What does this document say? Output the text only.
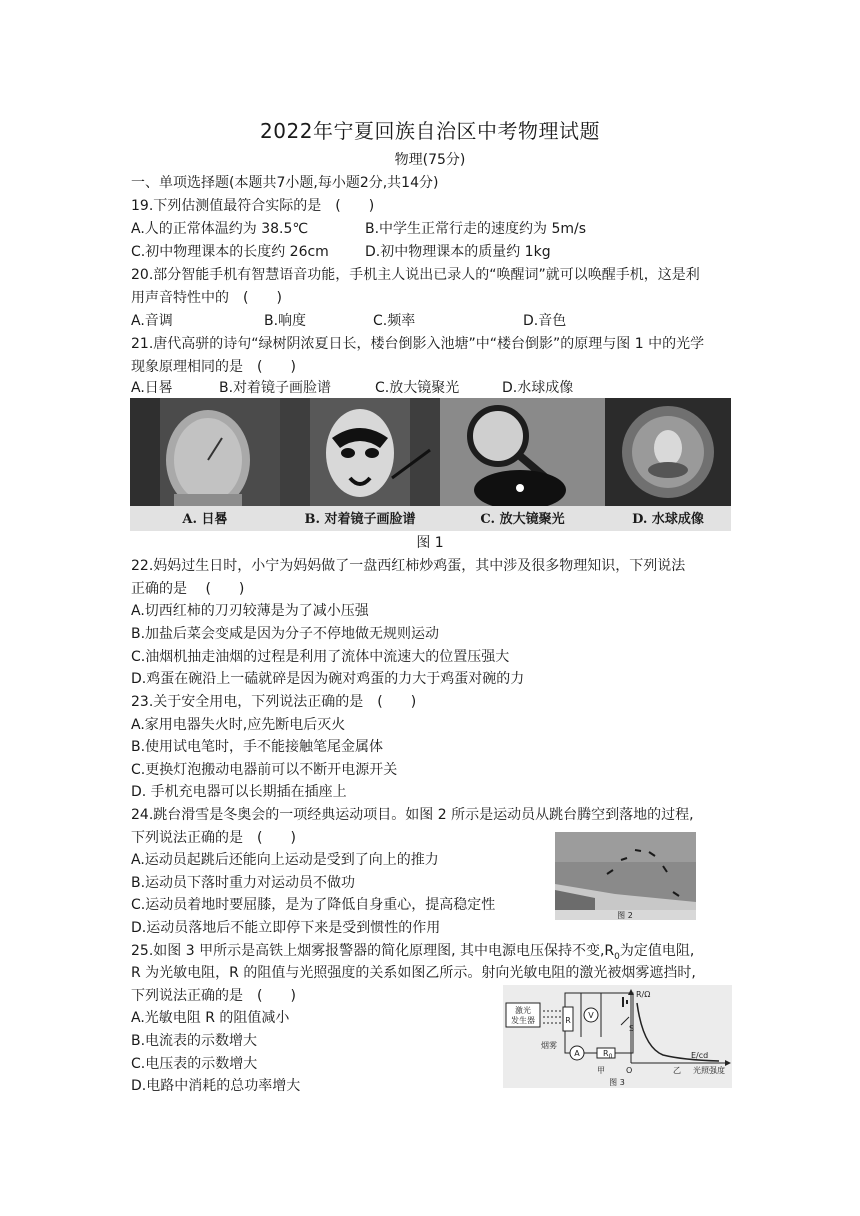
2022年宁夏回族自治区中考物理试题
物理(75分)
一、单项选择题(本题共7小题,每小题2分,共14分)
19.下列估测值最符合实际的是　(　　)
A.人的正常体温约为 38.5℃	B.中学生正常行走的速度约为 5m/s
C.初中物理课本的长度约 26cm	D.初中物理课本的质量约 1kg
20.部分智能手机有智慧语音功能，手机主人说出已录人的“唤醒词”就可以唤醒手机，这是利
用声音特性中的　(　　)
A.音调	B.响度	C.频率	D.音色
21.唐代高骈的诗句“绿树阴浓夏日长，楼台倒影入池塘”中“楼台倒影”的原理与图 1 中的光学
现象原理相同的是　(　　)
A.日晷	B.对着镜子画脸谱	C.放大镜聚光	D.水球成像
A. 日晷	B. 对着镜子画脸谱	C. 放大镜聚光	D. 水球成像
图 1
22.妈妈过生日时，小宁为妈妈做了一盘西红柿炒鸡蛋，其中涉及很多物理知识，下列说法
正确的是　 (　　)
A.切西红柿的刀刃较薄是为了减小压强
B.加盐后菜会变咸是因为分子不停地做无规则运动
C.油烟机抽走油烟的过程是利用了流体中流速大的位置压强大
D.鸡蛋在碗沿上一磕就碎是因为碗对鸡蛋的力大于鸡蛋对碗的力
23.关于安全用电，下列说法正确的是　(　　)
A.家用电器失火时,应先断电后灭火
B.使用试电笔时，手不能接触笔尾金属体
C.更换灯泡搬动电器前可以不断开电源开关
D. 手机充电器可以长期插在插座上
24.跳台滑雪是冬奥会的一项经典运动项目。如图 2 所示是运动员从跳台腾空到落地的过程,
下列说法正确的是　(　　)
A.运动员起跳后还能向上运动是受到了向上的推力
B.运动员下落时重力对运动员不做功
C.运动员着地时要屈膝，是为了降低自身重心，提高稳定性
D.运动员落地后不能立即停下来是受到惯性的作用
图 2
25.如图 3 甲所示是高铁上烟雾报警器的简化原理图, 其中电源电压保持不变$,R_0$为定值电阻,
R 为光敏电阻，R 的阻值与光照强度的关系如图乙所示。射向光敏电阻的激光被烟雾遮挡时,
下列说法正确的是　(　　)
A.光敏电阻 R 的阻值减小
B.电流表的示数增大
C.电压表的示数增大
D.电路中消耗的总功率增大
激光
发生器
烟雾
R
V
S
A	$R_0$
甲
R/Ω
E/cd
光照强度
O	乙
图 3
